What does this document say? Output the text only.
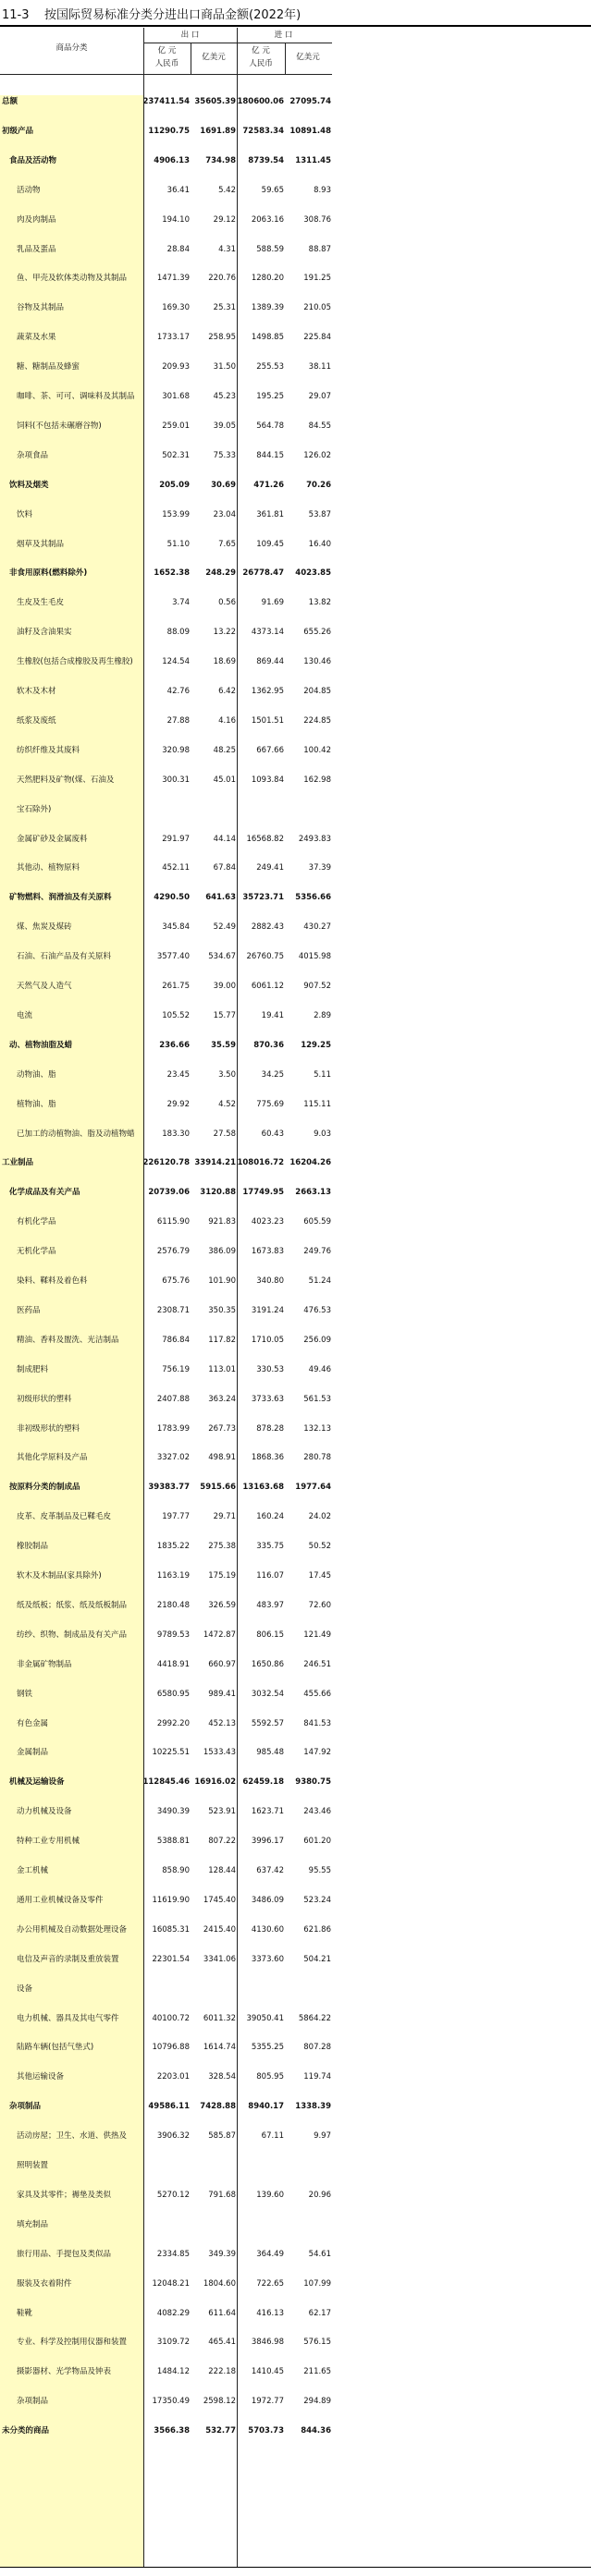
11-3 按国际贸易标准分类分进出口商品金额(2022年)
商品分类
出 口	进 口
亿 元
人民币
亿美元
亿 元
人民币
亿美元
总额	237411.54 35605.39 180600.06 27095.74
初级产品	11290.75	1691.89 72583.34 10891.48
食品及活动物	4906.13	734.98	8739.54	1311.45
活动物	36.41	5.42	59.65	8.93
肉及肉制品	194.10	29.12	2063.16	308.76
乳品及蛋品	28.84	4.31	588.59	88.87
鱼、甲壳及软体类动物及其制品	1471.39	220.76	1280.20	191.25
谷物及其制品	169.30	25.31	1389.39	210.05
蔬菜及水果	1733.17	258.95	1498.85	225.84
糖、糖制品及蜂蜜	209.93	31.50	255.53	38.11
咖啡、茶、可可、调味料及其制品	301.68	45.23	195.25	29.07
饲料(不包括未碾磨谷物)	259.01	39.05	564.78	84.55
杂项食品	502.31	75.33	844.15	126.02
饮料及烟类	205.09	30.69	471.26	70.26
饮料	153.99	23.04	361.81	53.87
烟草及其制品	51.10	7.65	109.45	16.40
非食用原料(燃料除外)	1652.38	248.29 26778.47	4023.85
生皮及生毛皮	3.74	0.56	91.69	13.82
油籽及含油果实	88.09	13.22	4373.14	655.26
生橡胶(包括合成橡胶及再生橡胶)	124.54	18.69	869.44	130.46
软木及木材	42.76	6.42	1362.95	204.85
纸浆及废纸	27.88	4.16	1501.51	224.85
纺织纤维及其废料	320.98	48.25	667.66	100.42
天然肥料及矿物(煤、石油及	300.31	45.01	1093.84	162.98
宝石除外)
金属矿砂及金属废料	291.97	44.14	16568.82	2493.83
其他动、植物原料	452.11	67.84	249.41	37.39
矿物燃料、润滑油及有关原料	4290.50	641.63 35723.71	5356.66
煤、焦炭及煤砖	345.84	52.49	2882.43	430.27
石油、石油产品及有关原料	3577.40	534.67	26760.75	4015.98
天然气及人造气	261.75	39.00	6061.12	907.52
电流	105.52	15.77	19.41	2.89
动、植物油脂及蜡	236.66	35.59	870.36	129.25
动物油、脂	23.45	3.50	34.25	5.11
植物油、脂	29.92	4.52	775.69	115.11
已加工的动植物油、脂及动植物蜡	183.30	27.58	60.43	9.03
工业制品	226120.78 33914.21 108016.72 16204.26
化学成品及有关产品	20739.06	3120.88 17749.95	2663.13
有机化学品	6115.90	921.83	4023.23	605.59
无机化学品	2576.79	386.09	1673.83	249.76
染料、鞣料及着色料	675.76	101.90	340.80	51.24
医药品	2308.71	350.35	3191.24	476.53
精油、香料及盥洗、光洁制品	786.84	117.82	1710.05	256.09
制成肥料	756.19	113.01	330.53	49.46
初级形状的塑料	2407.88	363.24	3733.63	561.53
非初级形状的塑料	1783.99	267.73	878.28	132.13
其他化学原料及产品	3327.02	498.91	1868.36	280.78
按原料分类的制成品	39383.77	5915.66 13163.68	1977.64
皮革、皮革制品及已鞣毛皮	197.77	29.71	160.24	24.02
橡胶制品	1835.22	275.38	335.75	50.52
软木及木制品(家具除外)	1163.19	175.19	116.07	17.45
纸及纸板；纸浆、纸及纸板制品	2180.48	326.59	483.97	72.60
纺纱、织物、制成品及有关产品	9789.53	1472.87	806.15	121.49
非金属矿物制品	4418.91	660.97	1650.86	246.51
钢铁	6580.95	989.41	3032.54	455.66
有色金属	2992.20	452.13	5592.57	841.53
金属制品	10225.51	1533.43	985.48	147.92
机械及运输设备	112845.46 16916.02 62459.18	9380.75
动力机械及设备	3490.39	523.91	1623.71	243.46
特种工业专用机械	5388.81	807.22	3996.17	601.20
金工机械	858.90	128.44	637.42	95.55
通用工业机械设备及零件	11619.90	1745.40	3486.09	523.24
办公用机械及自动数据处理设备	16085.31	2415.40	4130.60	621.86
电信及声音的录制及重放装置	22301.54	3341.06	3373.60	504.21
设备
电力机械、器具及其电气零件	40100.72	6011.32	39050.41	5864.22
陆路车辆(包括气垫式)	10796.88	1614.74	5355.25	807.28
其他运输设备	2203.01	328.54	805.95	119.74
杂项制品	49586.11	7428.88	8940.17	1338.39
活动房屋；卫生、水道、供热及	3906.32	585.87	67.11	9.97
照明装置
家具及其零件；褥垫及类似	5270.12	791.68	139.60	20.96
填充制品
旅行用品、手提包及类似品	2334.85	349.39	364.49	54.61
服装及衣着附件	12048.21	1804.60	722.65	107.99
鞋靴	4082.29	611.64	416.13	62.17
专业、科学及控制用仪器和装置	3109.72	465.41	3846.98	576.15
摄影器材、光学物品及钟表	1484.12	222.18	1410.45	211.65
杂项制品	17350.49	2598.12	1972.77	294.89
未分类的商品	3566.38	532.77	5703.73	844.36
